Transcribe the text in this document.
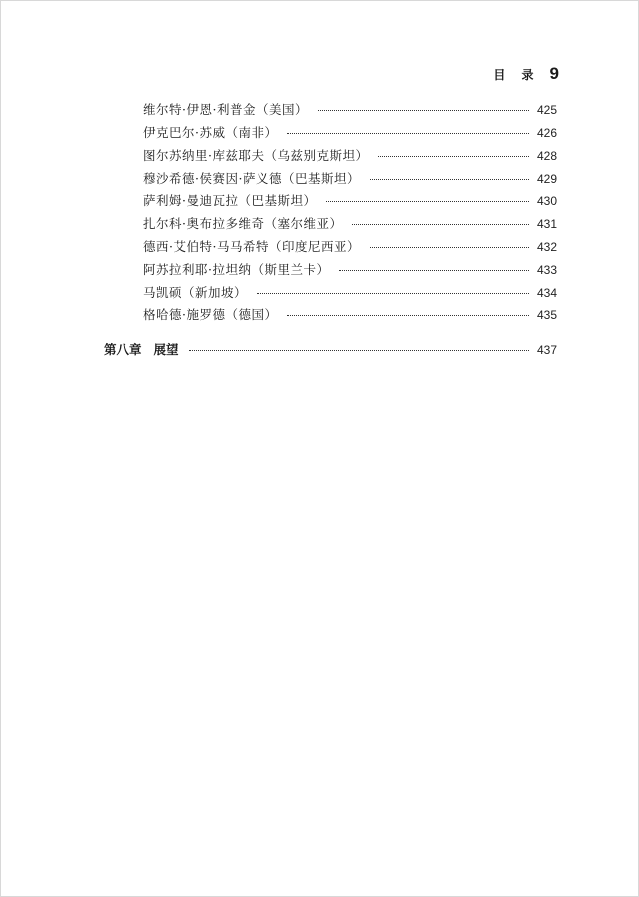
目 录 9
维尔特·伊恩·利普金（美国）	425
伊克巴尔·苏威（南非）	426
图尔苏纳里·库兹耶夫（乌兹别克斯坦）	428
穆沙希德·侯赛因·萨义德（巴基斯坦）	429
萨利姆·曼迪瓦拉（巴基斯坦）	430
扎尔科·奥布拉多维奇（塞尔维亚）	431
德西·艾伯特·马马希特（印度尼西亚）	432
阿苏拉利耶·拉坦纳（斯里兰卡）	433
马凯硕（新加坡）	434
格哈德·施罗德（德国）	435
第八章 展望	437
